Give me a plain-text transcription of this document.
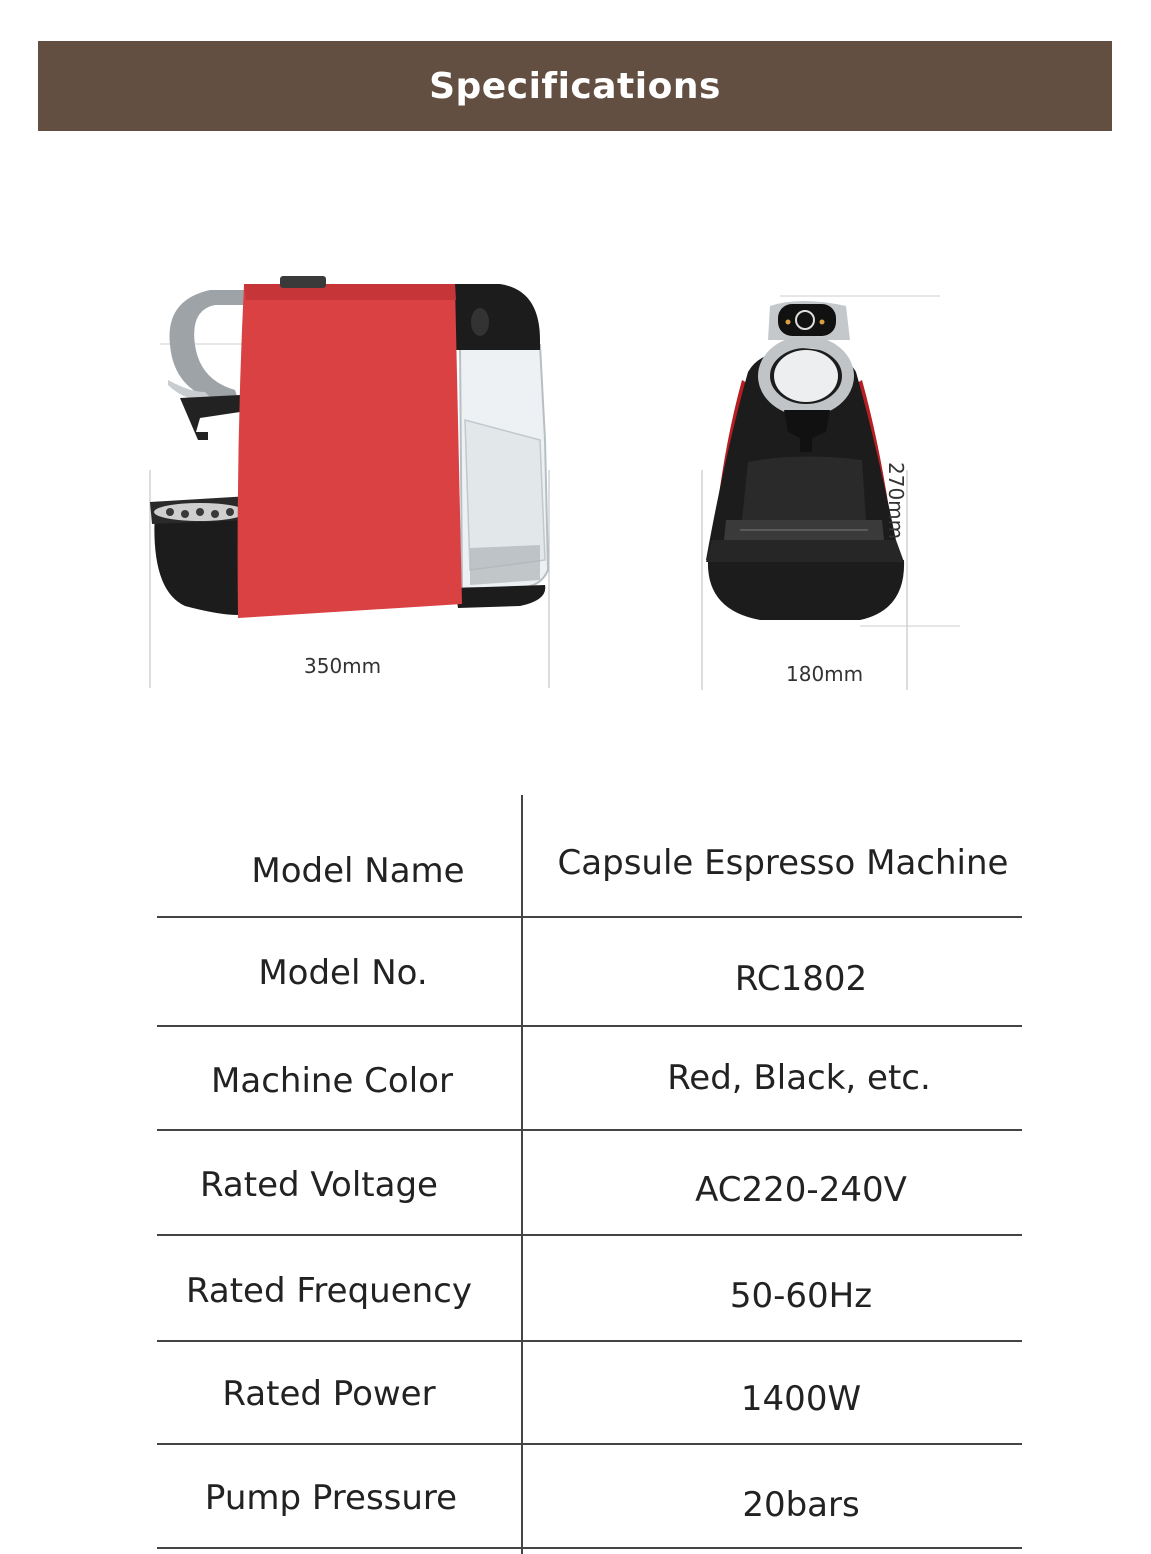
Specifications
350mm	180mm
270mm
Model Name	Capsule Espresso Machine
Model No.	RC1802
Machine Color	Red, Black, etc.
Rated Voltage	AC220-240V
Rated Frequency	50-60Hz
Rated Power	1400W
Pump Pressure	20bars
